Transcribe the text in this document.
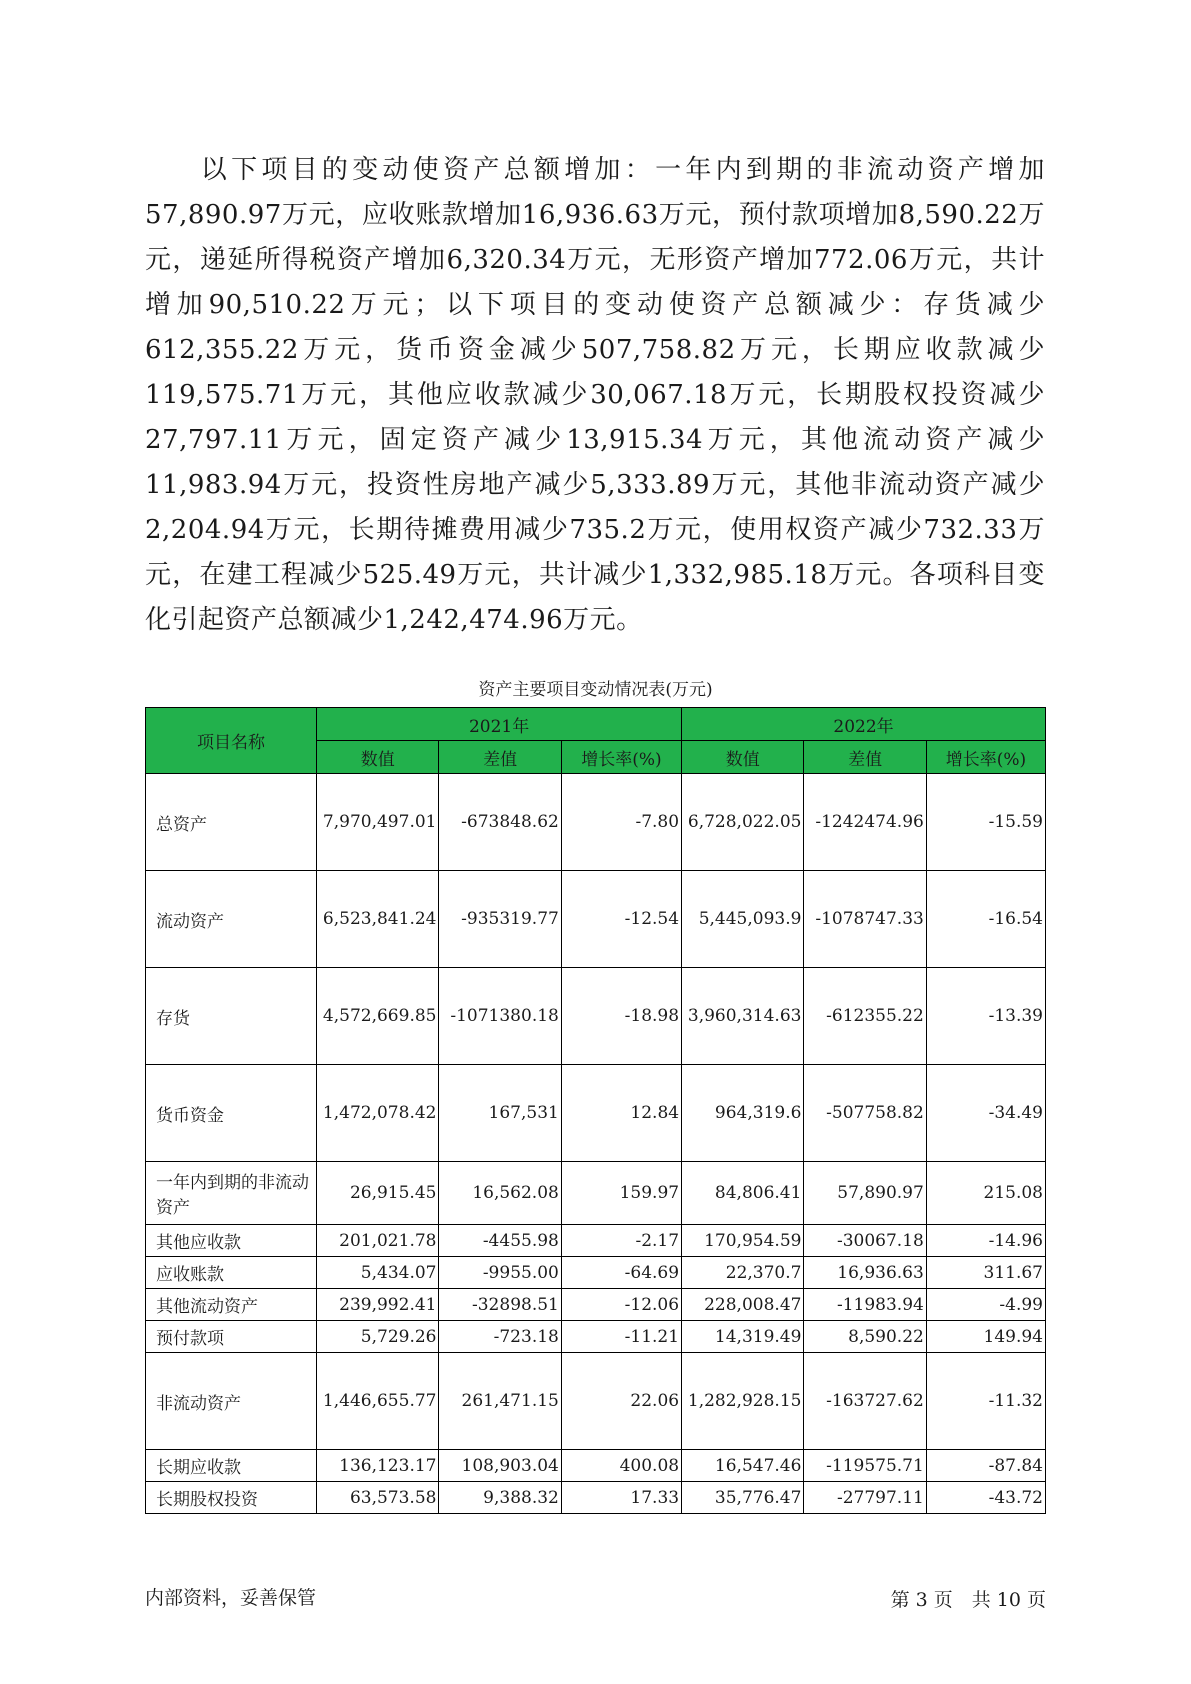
以下项目的变动使资产总额增加：一年内到期的非流动资产增加57,890.97万元，应收账款增加16,936.63万元，预付款项增加8,590.22万元，递延所得税资产增加6,320.34万元，无形资产增加772.06万元，共计增加90,510.22万元；以下项目的变动使资产总额减少：存货减少612,355.22万元，货币资金减少507,758.82万元，长期应收款减少119,575.71万元，其他应收款减少30,067.18万元，长期股权投资减少27,797.11万元，固定资产减少13,915.34万元，其他流动资产减少11,983.94万元，投资性房地产减少5,333.89万元，其他非流动资产减少2,204.94万元，长期待摊费用减少735.2万元，使用权资产减少732.33万元，在建工程减少525.49万元，共计减少1,332,985.18万元。各项科目变化引起资产总额减少1,242,474.96万元。
资产主要项目变动情况表(万元)
项目名称	2021年			2022年		
	数值	差值	增长率(%)	数值	差值	增长率(%)
总资产	7,970,497.01	-673848.62	-7.80	6,728,022.05	-1242474.96	-15.59
流动资产	6,523,841.24	-935319.77	-12.54	5,445,093.9	-1078747.33	-16.54
存货	4,572,669.85	-1071380.18	-18.98	3,960,314.63	-612355.22	-13.39
货币资金	1,472,078.42	167,531	12.84	964,319.6	-507758.82	-34.49
一年内到期的非流动资产	26,915.45	16,562.08	159.97	84,806.41	57,890.97	215.08
其他应收款	201,021.78	-4455.98	-2.17	170,954.59	-30067.18	-14.96
应收账款	5,434.07	-9955.00	-64.69	22,370.7	16,936.63	311.67
其他流动资产	239,992.41	-32898.51	-12.06	228,008.47	-11983.94	-4.99
预付款项	5,729.26	-723.18	-11.21	14,319.49	8,590.22	149.94
非流动资产	1,446,655.77	261,471.15	22.06	1,282,928.15	-163727.62	-11.32
长期应收款	136,123.17	108,903.04	400.08	16,547.46	-119575.71	-87.84
长期股权投资	63,573.58	9,388.32	17.33	35,776.47	-27797.11	-43.72
内部资料，妥善保管	第 3 页　共 10 页
